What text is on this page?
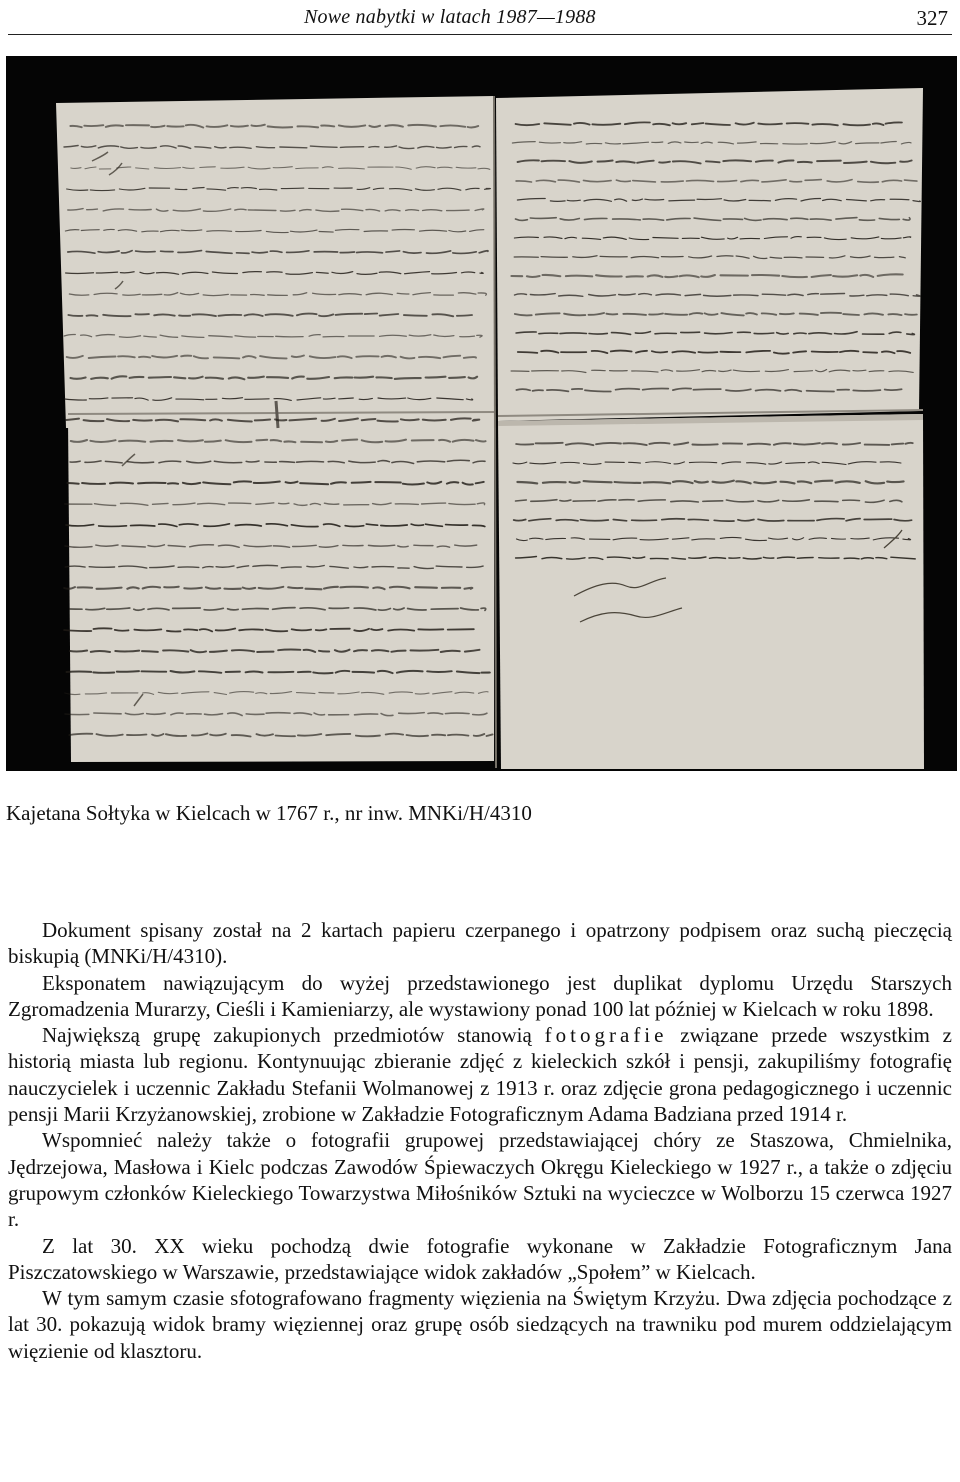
Nowe nabytki w latach 1987—1988	327
Kajetana Sołtyka w Kielcach w 1767 r., nr inw. MNKi/H/4310

Dokument spisany został na 2 kartach papieru czerpanego i opatrzony podpisem oraz suchą pieczęcią biskupią (MNKi/H/4310).

Eksponatem nawiązującym do wyżej przedstawionego jest duplikat dyplomu Urzędu Starszych Zgromadzenia Murarzy, Cieśli i Kamieniarzy, ale wystawiony ponad 100 lat później w Kielcach w roku 1898.

Największą grupę zakupionych przedmiotów stanowią fotografie związane przede wszystkim z historią miasta lub regionu. Kontynuując zbieranie zdjęć z kieleckich szkół i pensji, zakupiliśmy fotografię nauczycielek i uczennic Zakładu Stefanii Wolmanowej z 1913 r. oraz zdjęcie grona pedagogicznego i uczennic pensji Marii Krzyżanowskiej, zrobione w Zakładzie Fotograficznym Adama Badziana przed 1914 r.

Wspomnieć należy także o fotografii grupowej przedstawiającej chóry ze Staszowa, Chmielnika, Jędrzejowa, Masłowa i Kielc podczas Zawodów Śpiewaczych Okręgu Kieleckiego w 1927 r., a także o zdjęciu grupowym członków Kieleckiego Towarzystwa Miłośników Sztuki na wycieczce w Wolborzu 15 czerwca 1927 r.

Z lat 30. XX wieku pochodzą dwie fotografie wykonane w Zakładzie Fotograficznym Jana Piszczatowskiego w Warszawie, przedstawiające widok zakładów „Społem” w Kielcach.

W tym samym czasie sfotografowano fragmenty więzienia na Świętym Krzyżu. Dwa zdjęcia pochodzące z lat 30. pokazują widok bramy więziennej oraz grupę osób siedzących na trawniku pod murem oddzielającym więzienie od klasztoru.
